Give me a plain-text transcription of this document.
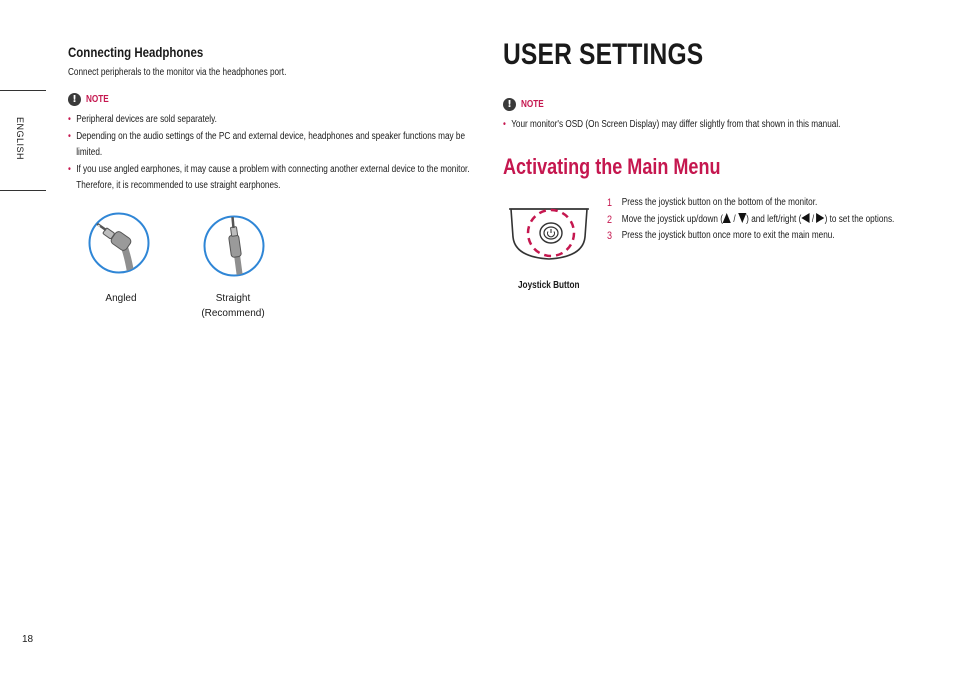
ENGLISH
18
Connecting Headphones
Connect peripherals to the monitor via the headphones port.
! NOTE
• Peripheral devices are sold separately.
• Depending on the audio settings of the PC and external device, headphones and speaker functions may be limited.
• If you use angled earphones, it may cause a problem with connecting another external device to the monitor. Therefore, it is recommended to use straight earphones.
Angled	Straight
(Recommend)
USER SETTINGS
! NOTE
• Your monitor's OSD (On Screen Display) may differ slightly from that shown in this manual.
Activating the Main Menu
Joystick Button
1 Press the joystick button on the bottom of the monitor.
2 Move the joystick up/down ( / ) and left/right ( / ) to set the options.
3 Press the joystick button once more to exit the main menu.
